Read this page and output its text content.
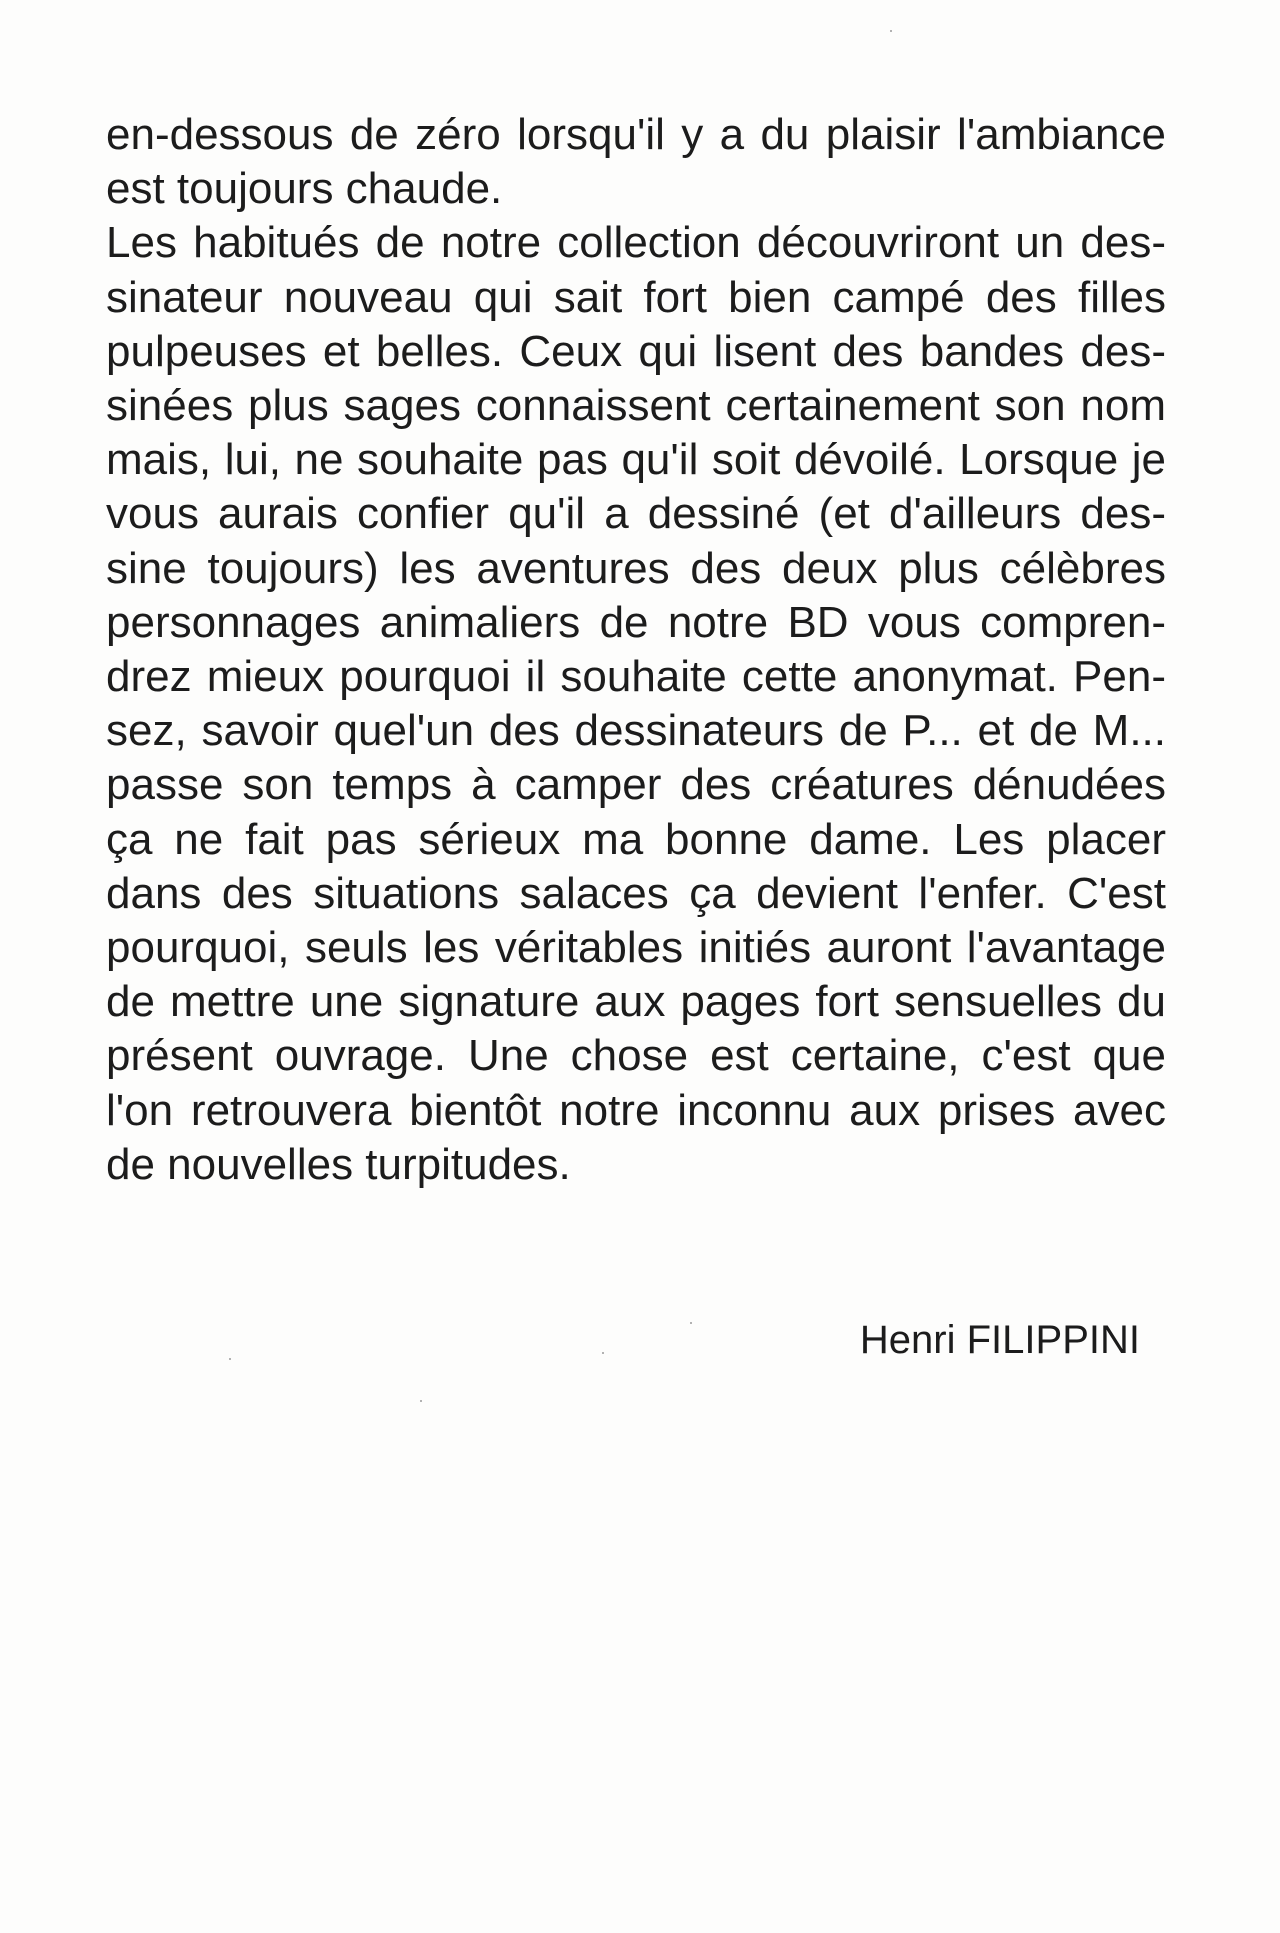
en-dessous de zéro lorsqu'il y a du plaisir l'ambiance
est toujours chaude.
Les habitués de notre collection découvriront un des-
sinateur nouveau qui sait fort bien campé des filles
pulpeuses et belles. Ceux qui lisent des bandes des-
sinées plus sages connaissent certainement son nom
mais, lui, ne souhaite pas qu'il soit dévoilé. Lorsque je
vous aurais confier qu'il a dessiné (et d'ailleurs des-
sine toujours) les aventures des deux plus célèbres
personnages animaliers de notre BD vous compren-
drez mieux pourquoi il souhaite cette anonymat. Pen-
sez, savoir quel'un des dessinateurs de P... et de M...
passe son temps à camper des créatures dénudées
ça ne fait pas sérieux ma bonne dame. Les placer
dans des situations salaces ça devient l'enfer. C'est
pourquoi, seuls les véritables initiés auront l'avantage
de mettre une signature aux pages fort sensuelles du
présent ouvrage. Une chose est certaine, c'est que
l'on retrouvera bientôt notre inconnu aux prises avec
de nouvelles turpitudes.
Henri FILIPPINI
